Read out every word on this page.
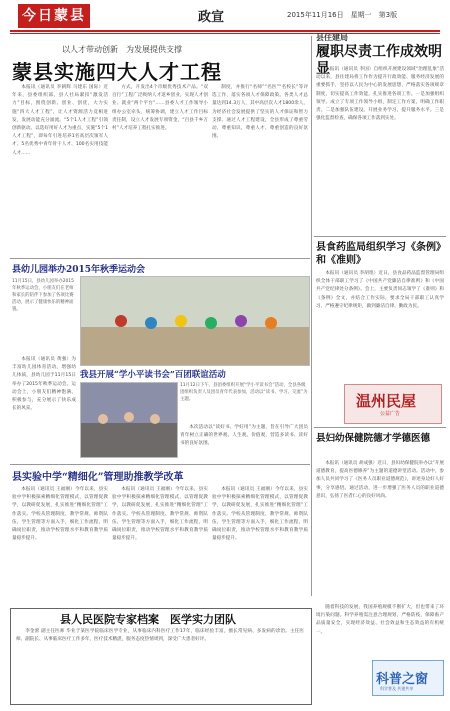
今日蒙县	政宣	2015年11月16日　星期一　第3版
以人才带动创新　为发展提供支撑
蒙县实施四大人才工程

本报讯（通讯员 李朝辉 马建东 国际）近年来，县委组织部、县人社局紧扣“激发活力”目标，围绕创新、创业、创优，大力实施“四大人才工程”，让人才资源活力竞相迸发，发展动能充分涌流。“5个1人才工程”引领创新驱动。以选好用好人才为重点，实施“5个1人才工程”，即每年引进培养1名高层次领军人才、5名优秀中青年骨干人才、100名实用技能人才……

方式，开发出4个市级优秀技术产品。“双百行”工程广泛吸纳人才返乡创业，实现人才创业、就业“两个平台”……县委人才工作领导小组办公室牵头，统筹协调，建立人才工作目标责任制，设立人才发展专项资金，“百县千乡万村”人才培养工程扎实推进。

制度，并推行“名师”“名医”“名校长”等评选工作，落实各项人才保障政策。各类人才总量达到14.3万人，其中高层次人才1800余人，为经济社会发展提供了坚实的人才保证和智力支撑。通过人才工程建设，全县形成了尊重劳动、尊重知识、尊重人才、尊重创造的良好氛围。

县住建局
履职尽责工作成效明显

本报讯（通讯员 李国）自组织开展建设领域“治理乱象”活动以来，县住建局将工作作为提升行政效能、服务经济发展的重要抓手，坚持以人民为中心的发展思想，严格落实各项规章制度，切实提高工作效能，扎实推进各项工作。一是加强组织领导。成立了专项工作领导小组，制定工作方案，明确工作职责。二是加强队伍建设。开展业务学习，提升服务水平。三是强化监督检查，确保各项工作落到实处。

县食药监局组织学习《条例》和《准则》

本报讯（通讯员 李胡煌）近日，县食品药品监督管理局组织全体干部职工学习了《中国共产党廉洁自律准则》和《中国共产党纪律处分条例》。会上，主要负责同志领学了《准则》和《条例》全文，并结合工作实际，要求全局干部职工认真学习，严格遵守纪律规矩，做到廉洁自律、勤政为民。

温州民屋
公益广告
县妇幼保健院德才学德医德

本报讯（通讯员 胡成强）近日，县妇幼保健院举办以“开展道德教育，提高医德修养”为主题的道德讲堂活动。活动中，参加人员共同学习了《医务人员职业道德规范》，讲述身边好人好事，分享感悟。通过活动，进一步增强了医务人员的职业道德意识，弘扬了医者仁心的良好风尚。

县幼儿园举办2015年秋季运动会
11月15日，县幼儿园举办2015年秋季运动会，小朋友们在老师和家长的陪伴下参加了各项比赛活动，展示了健康快乐的精神面貌。

本报讯（通讯员 黄强）为丰富幼儿园体育活动，增强幼儿体质，县幼儿园于11月15日举办了2015年秋季运动会。运动会上，小朋友们精神饱满、积极参与，充分展示了快乐成长的风采。

我县开展“学小平读书会”百团联谊活动
11月12日下午，县团委组织开展“学小平读书会”活动，全县各级团组织负责人及团员青年代表参加，活动以“读书、学习、交流”为主题。

本次活动以“读好书、学好用”为主题，旨在引导广大团员青年树立正确的世界观、人生观、价值观，营造多读书、读好书的良好氛围。

县实验中学“精细化”管理助推教学改革

本报讯（通讯员 王福刚）今年以来，县实验中学积极探索精细化管理模式，以管理促教学，以教研促发展，扎实推进“精细化管理”工作落实。学校从管理制度、教学常规、师资队伍、学生管理等方面入手，细化工作流程，明确岗位职责，推动学校管理水平和教育教学质量稳步提升。

本报讯（通讯员 王福刚）今年以来，县实验中学积极探索精细化管理模式，以管理促教学，以教研促发展，扎实推进“精细化管理”工作落实。学校从管理制度、教学常规、师资队伍、学生管理等方面入手，细化工作流程，明确岗位职责，推动学校管理水平和教育教学质量稳步提升。

本报讯（通讯员 王福刚）今年以来，县实验中学积极探索精细化管理模式，以管理促教学，以教研促发展，扎实推进“精细化管理”工作落实。学校从管理制度、教学常规、师资队伍、学生管理等方面入手，细化工作流程，明确岗位职责，推动学校管理水平和教育教学质量稳步提升。

县人民医院专家档案　医学实力团队

李金蕾 副主任医师 毕业于某医学院临床医学专业，从事临床内科医疗工作17年，临床经验丰富，擅长常见病、多发病的诊治。主任医师、副院长、从事临床医疗工作多年，医疗技术精湛，服务态度热情周到，深受广大患者好评。

随着科技的发展，我国养殖规模不断扩大，但也带来了环境污染问题。科学养殖需注意合理规划，严格防疫，保障畜产品质量安全，实现经济效益、社会效益和生态效益的有机统一。

科普之窗
科学普及 共建共享
